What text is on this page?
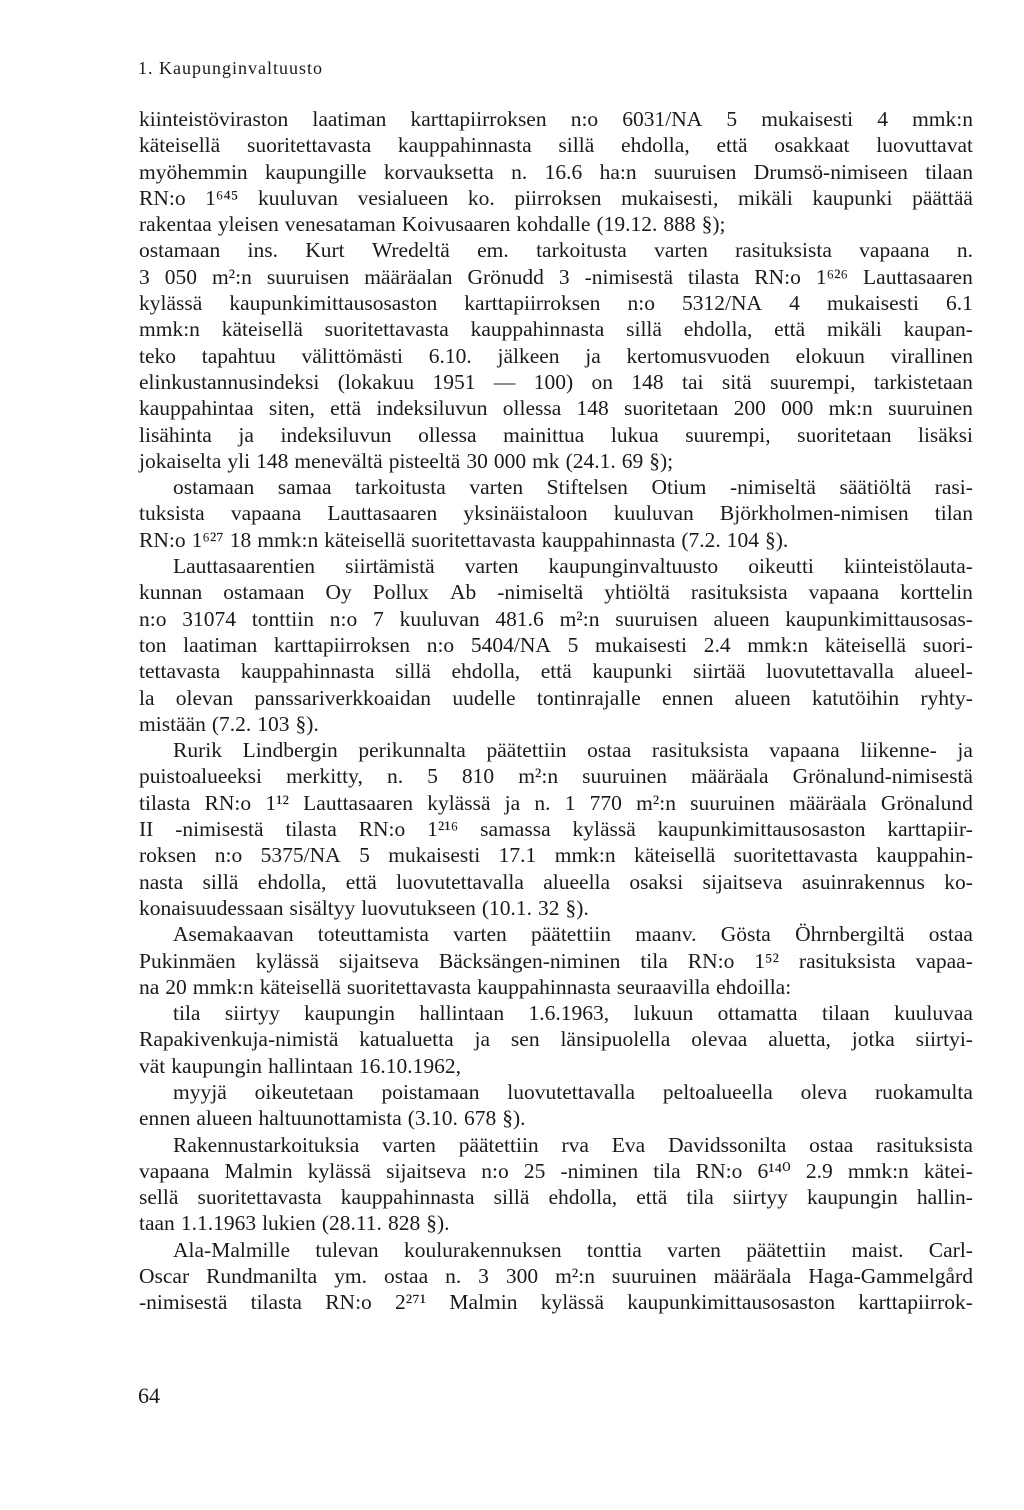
1. Kaupunginvaltuusto
kiinteistöviraston laatiman karttapiirroksen n:o 6031/NA 5 mukaisesti 4 mmk:n
käteisellä suoritettavasta kauppahinnasta sillä ehdolla, että osakkaat luovuttavat
myöhemmin kaupungille korvauksetta n. 16.6 ha:n suuruisen Drumsö-nimiseen tilaan
RN:o 1⁶⁴⁵ kuuluvan vesialueen ko. piirroksen mukaisesti, mikäli kaupunki päättää
rakentaa yleisen venesataman Koivusaaren kohdalle (19.12. 888 §);
ostamaan ins. Kurt Wredeltä em. tarkoitusta varten rasituksista vapaana n.
3 050 m²:n suuruisen määräalan Grönudd 3 -nimisestä tilasta RN:o 1⁶²⁶ Lauttasaaren
kylässä kaupunkimittausosaston karttapiirroksen n:o 5312/NA 4 mukaisesti 6.1
mmk:n käteisellä suoritettavasta kauppahinnasta sillä ehdolla, että mikäli kaupan-
teko tapahtuu välittömästi 6.10. jälkeen ja kertomusvuoden elokuun virallinen
elinkustannusindeksi (lokakuu 1951 — 100) on 148 tai sitä suurempi, tarkistetaan
kauppahintaa siten, että indeksiluvun ollessa 148 suoritetaan 200 000 mk:n suuruinen
lisähinta ja indeksiluvun ollessa mainittua lukua suurempi, suoritetaan lisäksi
jokaiselta yli 148 menevältä pisteeltä 30 000 mk (24.1. 69 §);
ostamaan samaa tarkoitusta varten Stiftelsen Otium -nimiseltä säätiöltä rasi-
tuksista vapaana Lauttasaaren yksinäistaloon kuuluvan Björkholmen-nimisen tilan
RN:o 1⁶²⁷ 18 mmk:n käteisellä suoritettavasta kauppahinnasta (7.2. 104 §).
Lauttasaarentien siirtämistä varten kaupunginvaltuusto oikeutti kiinteistölauta-
kunnan ostamaan Oy Pollux Ab -nimiseltä yhtiöltä rasituksista vapaana korttelin
n:o 31074 tonttiin n:o 7 kuuluvan 481.6 m²:n suuruisen alueen kaupunkimittausosas-
ton laatiman karttapiirroksen n:o 5404/NA 5 mukaisesti 2.4 mmk:n käteisellä suori-
tettavasta kauppahinnasta sillä ehdolla, että kaupunki siirtää luovutettavalla alueel-
la olevan panssariverkkoaidan uudelle tontinrajalle ennen alueen katutöihin ryhty-
mistään (7.2. 103 §).
Rurik Lindbergin perikunnalta päätettiin ostaa rasituksista vapaana liikenne- ja
puistoalueeksi merkitty, n. 5 810 m²:n suuruinen määräala Grönalund-nimisestä
tilasta RN:o 1¹² Lauttasaaren kylässä ja n. 1 770 m²:n suuruinen määräala Grönalund
II -nimisestä tilasta RN:o 1²¹⁶ samassa kylässä kaupunkimittausosaston karttapiir-
roksen n:o 5375/NA 5 mukaisesti 17.1 mmk:n käteisellä suoritettavasta kauppahin-
nasta sillä ehdolla, että luovutettavalla alueella osaksi sijaitseva asuinrakennus ko-
konaisuudessaan sisältyy luovutukseen (10.1. 32 §).
Asemakaavan toteuttamista varten päätettiin maanv. Gösta Öhrnbergiltä ostaa
Pukinmäen kylässä sijaitseva Bäcksängen-niminen tila RN:o 1⁵² rasituksista vapaa-
na 20 mmk:n käteisellä suoritettavasta kauppahinnasta seuraavilla ehdoilla:
tila siirtyy kaupungin hallintaan 1.6.1963, lukuun ottamatta tilaan kuuluvaa
Rapakivenkuja-nimistä katualuetta ja sen länsipuolella olevaa aluetta, jotka siirtyi-
vät kaupungin hallintaan 16.10.1962,
myyjä oikeutetaan poistamaan luovutettavalla peltoalueella oleva ruokamulta
ennen alueen haltuunottamista (3.10. 678 §).
Rakennustarkoituksia varten päätettiin rva Eva Davidssonilta ostaa rasituksista
vapaana Malmin kylässä sijaitseva n:o 25 -niminen tila RN:o 6¹⁴⁰ 2.9 mmk:n kätei-
sellä suoritettavasta kauppahinnasta sillä ehdolla, että tila siirtyy kaupungin hallin-
taan 1.1.1963 lukien (28.11. 828 §).
Ala-Malmille tulevan koulurakennuksen tonttia varten päätettiin maist. Carl-
Oscar Rundmanilta ym. ostaa n. 3 300 m²:n suuruinen määräala Haga-Gammelgård
-nimisestä tilasta RN:o 2²⁷¹ Malmin kylässä kaupunkimittausosaston karttapiirrok-
64
